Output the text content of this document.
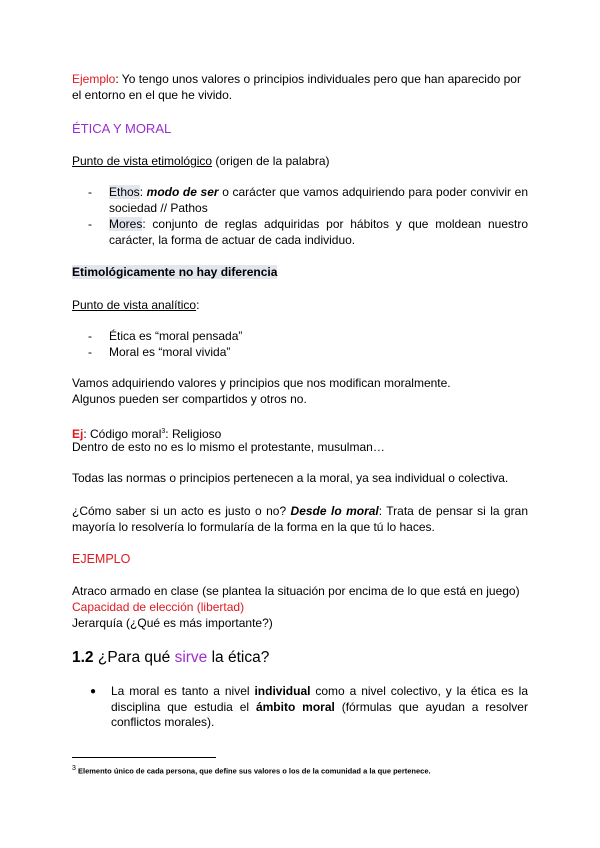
Ejemplo: Yo tengo unos valores o principios individuales pero que han aparecido por el entorno en el que he vivido.
ÉTICA Y MORAL
Punto de vista etimológico (origen de la palabra)
- Ethos: modo de ser o carácter que vamos adquiriendo para poder convivir en sociedad // Pathos
- Mores: conjunto de reglas adquiridas por hábitos y que moldean nuestro carácter, la forma de actuar de cada individuo.
Etimológicamente no hay diferencia
Punto de vista analítico:
- Ética es “moral pensada”
- Moral es “moral vivida”
Vamos adquiriendo valores y principios que nos modifican moralmente.
Algunos pueden ser compartidos y otros no.
Ej: Código moral$^3$: Religioso
Dentro de esto no es lo mismo el protestante, musulman…
Todas las normas o principios pertenecen a la moral, ya sea individual o colectiva.
¿Cómo saber si un acto es justo o no? Desde lo moral: Trata de pensar si la gran mayoría lo resolvería lo formularía de la forma en la que tú lo haces.
EJEMPLO
Atraco armado en clase (se plantea la situación por encima de lo que está en juego)
Capacidad de elección (libertad)
Jerarquía (¿Qué es más importante?)
1.2 ¿Para qué sirve la ética?
● La moral es tanto a nivel individual como a nivel colectivo, y la ética es la disciplina que estudia el ámbito moral (fórmulas que ayudan a resolver conflictos morales).
$^3$ Elemento único de cada persona, que define sus valores o los de la comunidad a la que pertenece.
